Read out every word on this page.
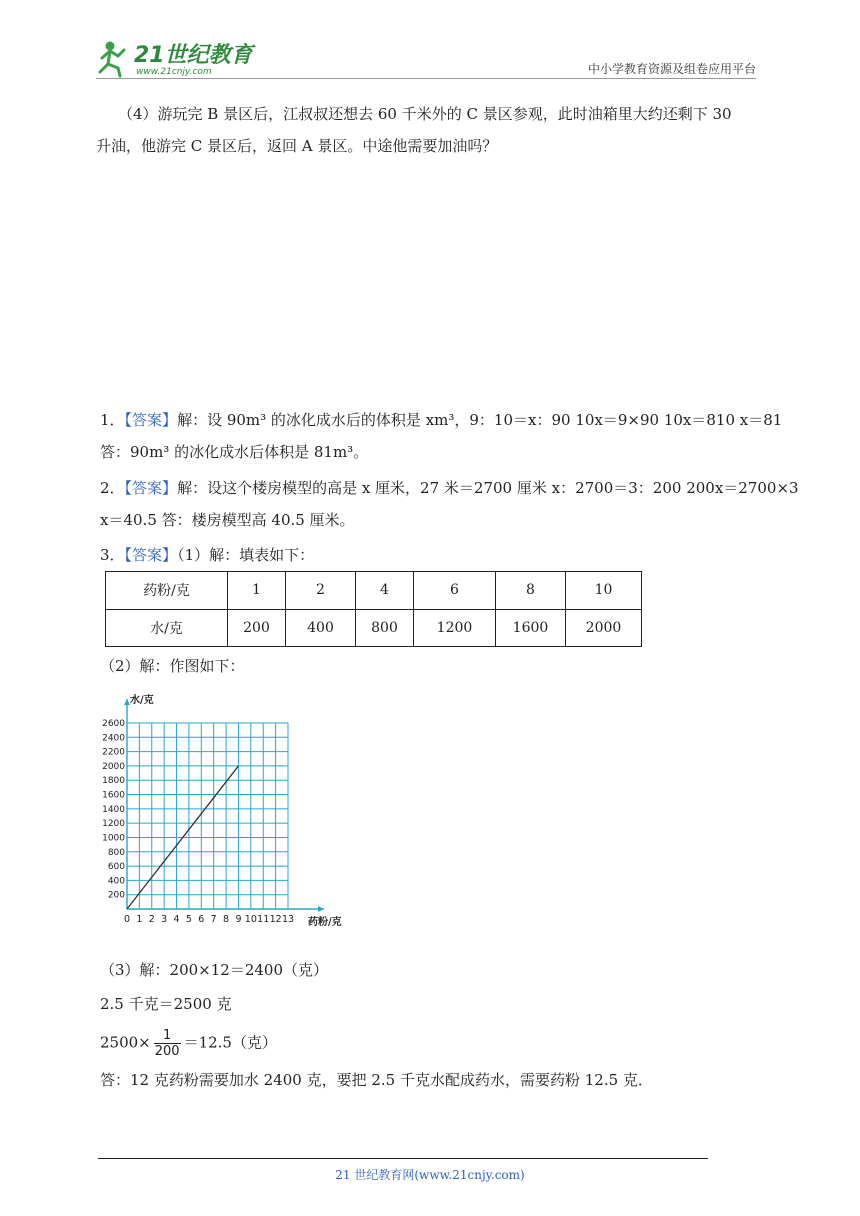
21世纪教育
www.21cnjy.com	中小学教育资源及组卷应用平台
（4）游玩完 B 景区后，江叔叔还想去 60 千米外的 C 景区参观，此时油箱里大约还剩下 30
升油，他游完 C 景区后，返回 A 景区。中途他需要加油吗？
1．【答案】解：设 90m³ 的冰化成水后的体积是 xm³，9：10＝x：90 10x＝9×90 10x＝810 x＝81
答：90m³ 的冰化成水后体积是 81m³。
2．【答案】解：设这个楼房模型的高是 x 厘米，27 米＝2700 厘米 x：2700＝3：200 200x＝2700×3
x＝40.5 答：楼房模型高 40.5 厘米。
3．【答案】（1）解：填表如下：
药粉/克	1	2	4	6	8	10
水/克	200	400	800	1200	1600	2000
（2）解：作图如下：
0 1 2 3 4 5 6 7 8 9 10 11 12 13
200
400
600
800
1000
1200
1400
1600
1800
2000
2200
2400
2600
水/克
药粉/克
（3）解：200×12＝2400（克）
2.5 千克＝2500 克
$2500\times \frac{1}{200} =12.5$（克）
答：12 克药粉需要加水 2400 克，要把 2.5 千克水配成药水，需要药粉 12.5 克．
21 世纪教育网(www.21cnjy.com)
